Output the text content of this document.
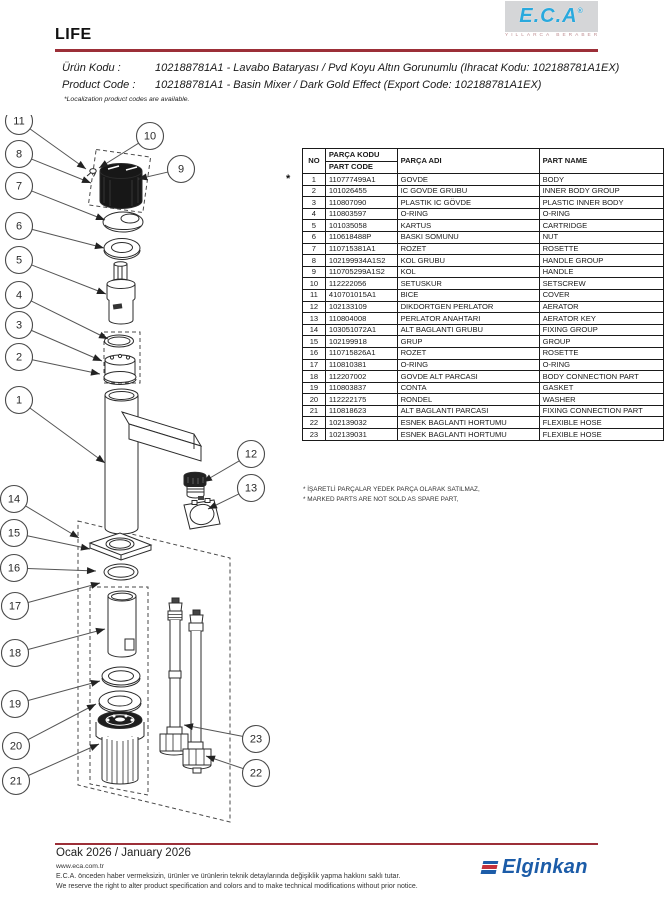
LIFE
E.C.A®
YILLARCA BERABER
Ürün Kodu :	102188781A1 - Lavabo Bataryası / Pvd Koyu Altın Gorunumlu (Ihracat Kodu: 102188781A1EX)
Product Code : 102188781A1 - Basin Mixer / Dark Gold Effect (Export Code: 102188781A1EX)
*Localization product codes are available.
11
10
8
9
7
6
5
4
3
2
1
12
13
14
15
16
17
18
19
20
21
23
22
*
NO	PARÇA KODU	PARÇA ADI	PART NAME
	PART CODE		
1	110777499A1	GOVDE	BODY
2	101026455	IC GOVDE GRUBU	INNER BODY GROUP
3	110807090	PLASTIK IC GÖVDE	PLASTIC INNER BODY
4	110803597	O-RING	O-RING
5	101035058	KARTUS	CARTRIDGE
6	110618488P	BASKI SOMUNU	NUT
7	110715381A1	ROZET	ROSETTE
8	102199934A1S2	KOL GRUBU	HANDLE GROUP
9	110705299A1S2	KOL	HANDLE
10	112222056	SETUSKUR	SETSCREW
11	410701015A1	BICE	COVER
12	102133109	DIKDORTGEN PERLATOR	AERATOR
13	110804008	PERLATOR ANAHTARI	AERATOR KEY
14	103051072A1	ALT BAGLANTI GRUBU	FIXING GROUP
15	102199918	GRUP	GROUP
16	110715826A1	ROZET	ROSETTE
17	110810381	O-RING	O-RING
18	112207002	GOVDE ALT PARCASI	BODY CONNECTION PART
19	110803837	CONTA	GASKET
20	112222175	RONDEL	WASHER
21	110818623	ALT BAGLANTI PARCASI	FIXING CONNECTION PART
22	102139032	ESNEK BAGLANTI HORTUMU	FLEXIBLE HOSE
23	102139031	ESNEK BAGLANTI HORTUMU	FLEXIBLE HOSE
* İŞARETLİ PARÇALAR YEDEK PARÇA OLARAK SATILMAZ,
* MARKED PARTS ARE NOT SOLD AS SPARE PART,
Ocak 2026 / January 2026
www.eca.com.tr
E.C.A. önceden haber vermeksizin, ürünler ve ürünlerin teknik detaylarında değişiklik yapma hakkını saklı tutar.
We reserve the right to alter product specification and colors and to make technical modifications without prior notice.
Elginkan
